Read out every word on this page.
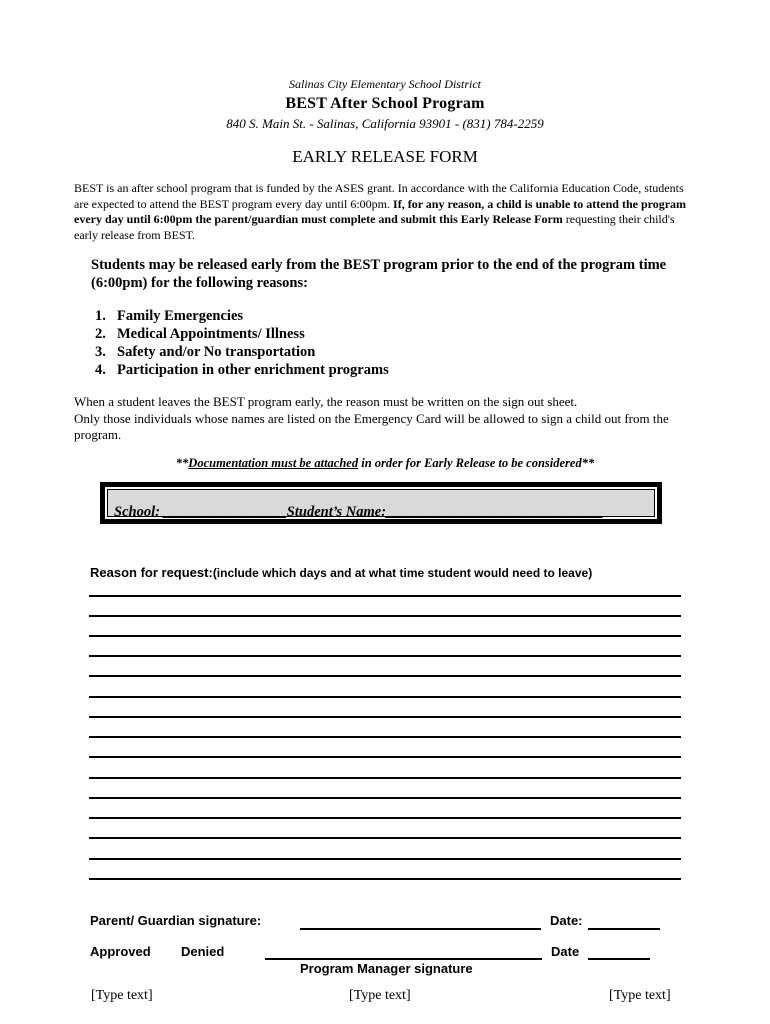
Salinas City Elementary School District
BEST After School Program
840 S. Main St. - Salinas, California 93901 - (831) 784-2259
EARLY RELEASE FORM
BEST is an after school program that is funded by the ASES grant. In accordance with the California Education Code, students are expected to attend the BEST program every day until 6:00pm. If, for any reason, a child is unable to attend the program every day until 6:00pm the parent/guardian must complete and submit this Early Release Form requesting their child's early release from BEST.
Students may be released early from the BEST program prior to the end of the program time (6:00pm) for the following reasons:
1. Family Emergencies
2. Medical Appointments/ Illness
3. Safety and/or No transportation
4. Participation in other enrichment programs
When a student leaves the BEST program early, the reason must be written on the sign out sheet.
Only those individuals whose names are listed on the Emergency Card will be allowed to sign a child out from the program.
**Documentation must be attached in order for Early Release to be considered**
School: _________________Student’s Name:______________________________
Reason for request:(include which days and at what time student would need to leave)
Parent/ Guardian signature:	Date:
Approved Denied	Date
Program Manager signature
[Type text]	[Type text]	[Type text]
